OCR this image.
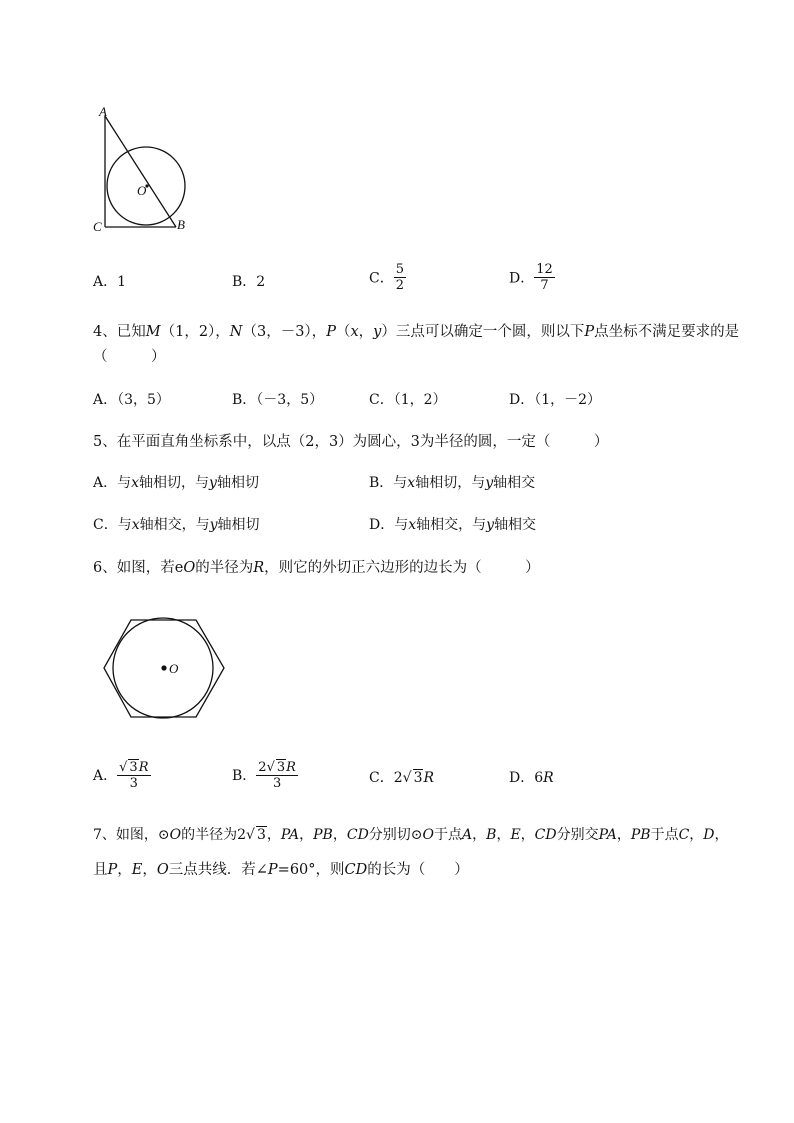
A
O
C	B
A．1	B．2	C． $\frac{5}{2}$	D． $\frac{12}{7}$
4、已知M（1，2），N（3，－3），P（x，y）三点可以确定一个圆，则以下P点坐标不满足要求的是
（　　　）
A．（3，5）	B．（－3，5）	C．（1，2）	D．（1，－2）
5、在平面直角坐标系中，以点（2，3）为圆心，3为半径的圆，一定（　　　）
A．与x轴相切，与y轴相切	B．与x轴相切，与y轴相交
C．与x轴相交，与y轴相切	D．与x轴相交，与y轴相交
6、如图，若eO的半径为R，则它的外切正六边形的边长为（　　　）
O
A． $\frac{√ 3R}{3}$	B． $\frac{2√ 3R}{3}$	C．2√ 3R	D．6R
7、如图，⊙O的半径为2√ 3，PA，PB，CD分别切⊙O于点A，B，E，CD分别交PA，PB于点C，D，
且P，E，O三点共线．若∠P=60°，则CD的长为（　　）
